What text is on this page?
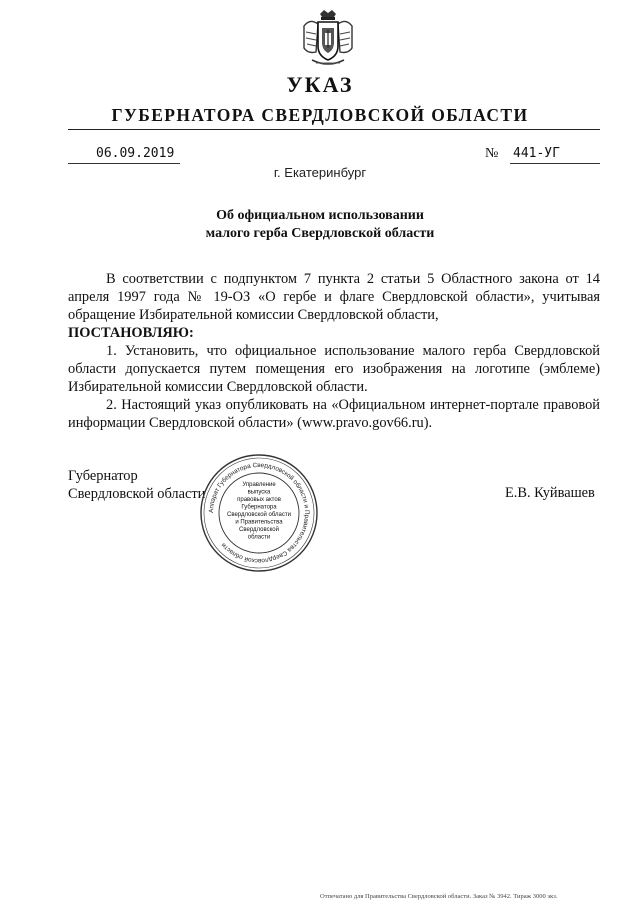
УКАЗ
ГУБЕРНАТОРА СВЕРДЛОВСКОЙ ОБЛАСТИ
06.09.2019	№ 441-УГ
г. Екатеринбург
Об официальном использовании
малого герба Свердловской области

В соответствии с подпунктом 7 пункта 2 статьи 5 Областного закона от 14 апреля 1997 года № 19-ОЗ «О гербе и флаге Свердловской области», учитывая обращение Избирательной комиссии Свердловской области,

ПОСТАНОВЛЯЮ:

1. Установить, что официальное использование малого герба Свердловской области допускается путем помещения его изображения на логотипе (эмблеме) Избирательной комиссии Свердловской области.

2. Настоящий указ опубликовать на «Официальном интернет-портале правовой информации Свердловской области» (www.pravo.gov66.ru).

Губернатор
Свердловской области	Е.В. Куйвашев
Аппарат Губернатора Свердловской области и Правительства Свердловской области
Управление
выпуска
правовых актов
Губернатора
Свердловской области
и Правительства
Свердловской
области
Отпечатано для Правительства Свердловской области. Заказ № 3942. Тираж 3000 экз.
